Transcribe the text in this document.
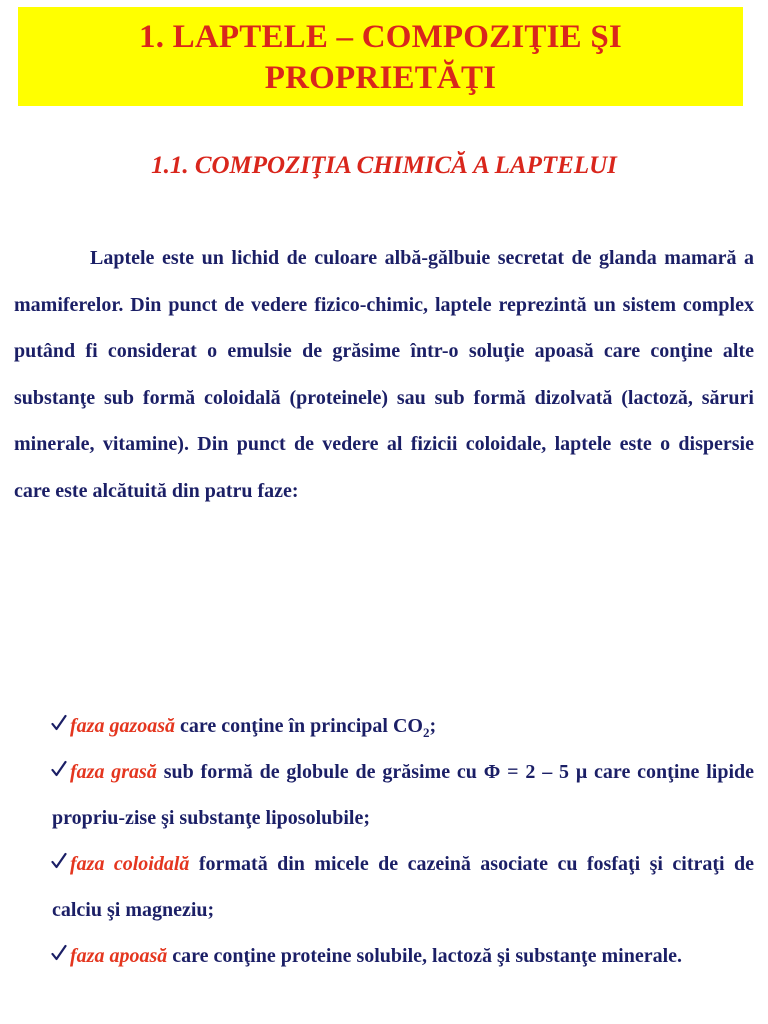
1. LAPTELE – COMPOZIŢIE ŞI PROPRIETĂŢI
1.1. COMPOZIŢIA CHIMICĂ A LAPTELUI

Laptele este un lichid de culoare albă-gălbuie secretat de glanda mamară a mamiferelor. Din punct de vedere fizico-chimic, laptele reprezintă un sistem complex putând fi considerat o emulsie de grăsime într-o soluţie apoasă care conţine alte substanţe sub formă coloidală (proteinele) sau sub formă dizolvată (lactoză, săruri minerale, vitamine). Din punct de vedere al fizicii coloidale, laptele este o dispersie care este alcătuită din patru faze:

faza gazoasă care conţine în principal $CO_2$;
faza grasă sub formă de globule de grăsime cu Φ = 2 – 5 μ care conţine lipide propriu-zise şi substanţe liposolubile;
faza coloidală formată din micele de cazeină asociate cu fosfaţi şi citraţi de calciu şi magneziu;
faza apoasă care conţine proteine solubile, lactoză şi substanţe minerale.
